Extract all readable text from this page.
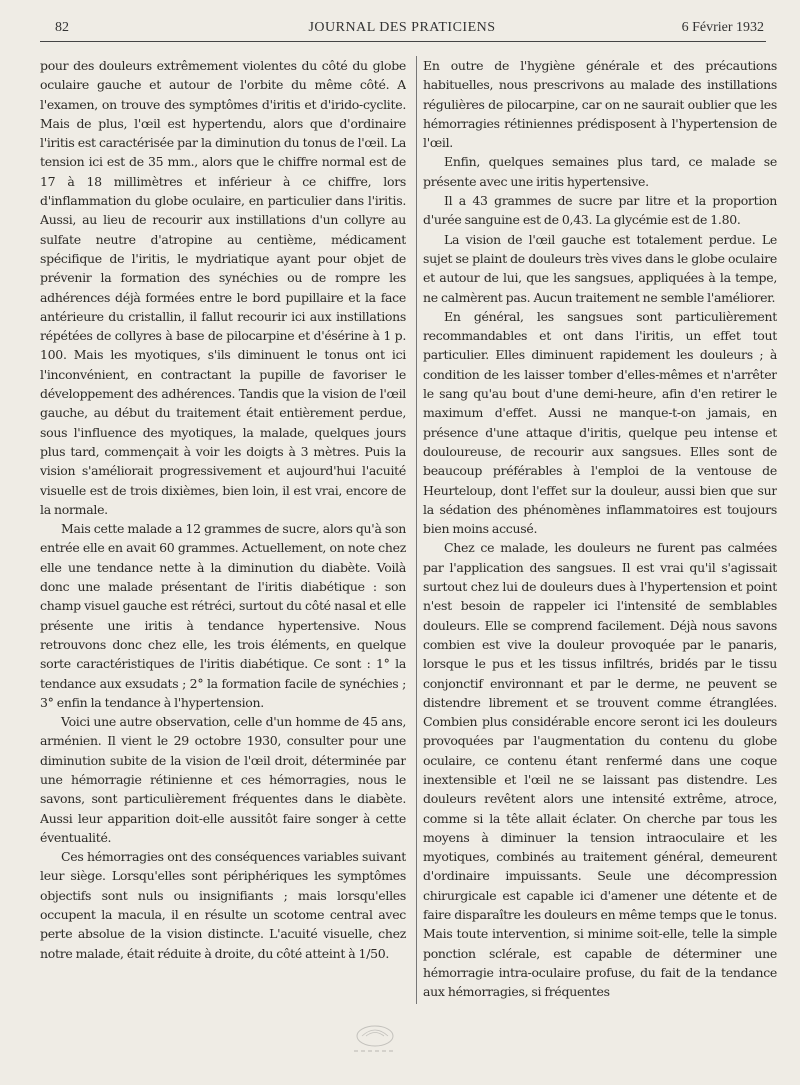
82	JOURNAL DES PRATICIENS	6 Février 1932

pour des douleurs extrêmement violentes du côté du globe oculaire gauche et autour de l'orbite du même côté. A l'examen, on trouve des symptômes d'iritis et d'irido-cyclite. Mais de plus, l'œil est hypertendu, alors que d'ordinaire l'iritis est caractérisée par la diminution du tonus de l'œil. La tension ici est de 35 mm., alors que le chiffre normal est de 17 à 18 millimètres et inférieur à ce chiffre, lors d'inflammation du globe oculaire, en particulier dans l'iritis. Aussi, au lieu de recourir aux instillations d'un collyre au sulfate neutre d'atropine au centième, médicament spécifique de l'iritis, le mydriatique ayant pour objet de prévenir la formation des synéchies ou de rompre les adhérences déjà formées entre le bord pupillaire et la face antérieure du cristallin, il fallut recourir ici aux instillations répétées de collyres à base de pilocarpine et d'ésérine à 1 p. 100. Mais les myotiques, s'ils diminuent le tonus ont ici l'inconvénient, en contractant la pupille de favoriser le développement des adhérences. Tandis que la vision de l'œil gauche, au début du traitement était entièrement perdue, sous l'influence des myotiques, la malade, quelques jours plus tard, commençait à voir les doigts à 3 mètres. Puis la vision s'améliorait progressivement et aujourd'hui l'acuité visuelle est de trois dixièmes, bien loin, il est vrai, encore de la normale.

Mais cette malade a 12 grammes de sucre, alors qu'à son entrée elle en avait 60 grammes. Actuellement, on note chez elle une tendance nette à la diminution du diabète. Voilà donc une malade présentant de l'iritis diabétique : son champ visuel gauche est rétréci, surtout du côté nasal et elle présente une iritis à tendance hypertensive. Nous retrouvons donc chez elle, les trois éléments, en quelque sorte caractéristiques de l'iritis diabétique. Ce sont : 1° la tendance aux exsudats ; 2° la formation facile de synéchies ; 3° enfin la tendance à l'hypertension.

Voici une autre observation, celle d'un homme de 45 ans, arménien. Il vient le 29 octobre 1930, consulter pour une diminution subite de la vision de l'œil droit, déterminée par une hémorragie rétinienne et ces hémorragies, nous le savons, sont particulièrement fréquentes dans le diabète. Aussi leur apparition doit-elle aussitôt faire songer à cette éventualité.

Ces hémorragies ont des conséquences variables suivant leur siège. Lorsqu'elles sont périphériques les symptômes objectifs sont nuls ou insignifiants ; mais lorsqu'elles occupent la macula, il en résulte un scotome central avec perte absolue de la vision distincte. L'acuité visuelle, chez notre malade, était réduite à droite, du côté atteint à 1/50.

En outre de l'hygiène générale et des précautions habituelles, nous prescrivons au malade des instillations régulières de pilocarpine, car on ne saurait oublier que les hémorragies rétiniennes prédisposent à l'hypertension de l'œil.

Enfin, quelques semaines plus tard, ce malade se présente avec une iritis hypertensive.

Il a 43 grammes de sucre par litre et la proportion d'urée sanguine est de 0,43. La glycémie est de 1.80.

La vision de l'œil gauche est totalement perdue. Le sujet se plaint de douleurs très vives dans le globe oculaire et autour de lui, que les sangsues, appliquées à la tempe, ne calmèrent pas. Aucun traitement ne semble l'améliorer.

En général, les sangsues sont particulièrement recommandables et ont dans l'iritis, un effet tout particulier. Elles diminuent rapidement les douleurs ; à condition de les laisser tomber d'elles-mêmes et n'arrêter le sang qu'au bout d'une demi-heure, afin d'en retirer le maximum d'effet. Aussi ne manque-t-on jamais, en présence d'une attaque d'iritis, quelque peu intense et douloureuse, de recourir aux sangsues. Elles sont de beaucoup préférables à l'emploi de la ventouse de Heurteloup, dont l'effet sur la douleur, aussi bien que sur la sédation des phénomènes inflammatoires est toujours bien moins accusé.

Chez ce malade, les douleurs ne furent pas calmées par l'application des sangsues. Il est vrai qu'il s'agissait surtout chez lui de douleurs dues à l'hypertension et point n'est besoin de rappeler ici l'intensité de semblables douleurs. Elle se comprend facilement. Déjà nous savons combien est vive la douleur provoquée par le panaris, lorsque le pus et les tissus infiltrés, bridés par le tissu conjonctif environnant et par le derme, ne peuvent se distendre librement et se trouvent comme étranglées. Combien plus considérable encore seront ici les douleurs provoquées par l'augmentation du contenu du globe oculaire, ce contenu étant renfermé dans une coque inextensible et l'œil ne se laissant pas distendre. Les douleurs revêtent alors une intensité extrême, atroce, comme si la tête allait éclater. On cherche par tous les moyens à diminuer la tension intraoculaire et les myotiques, combinés au traitement général, demeurent d'ordinaire impuissants. Seule une décompression chirurgicale est capable ici d'amener une détente et de faire disparaître les douleurs en même temps que le tonus. Mais toute intervention, si minime soit-elle, telle la simple ponction sclérale, est capable de déterminer une hémorragie intra-oculaire profuse, du fait de la tendance aux hémorragies, si fréquentes
